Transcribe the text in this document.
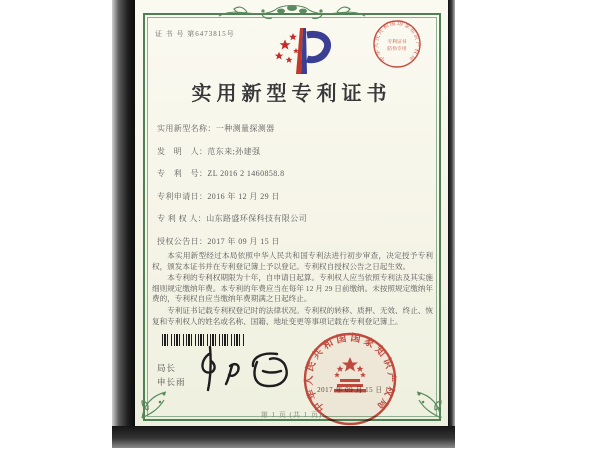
证 书 号 第6473815号
中华人民共和国国家知识产权局
专利证书
防伪专用
实用新型专利证书
实用新型名称：一种测量探测器
发　明　人：范东来;孙建强
专　利　号：ZL 2016 2 1460858.8
专利申请日：2016 年 12 月 29 日
专 利 权 人：山东路盛环保科技有限公司
授权公告日：2017 年 09 月 15 日

本实用新型经过本局依照中华人民共和国专利法进行初步审查，决定授予专利权，颁发本证书并在专利登记簿上予以登记。专利权自授权公告之日起生效。

本专利的专利权期限为十年，自申请日起算。专利权人应当依照专利法及其实施细则规定缴纳年费。本专利的年费应当在每年 12 月 29 日前缴纳。未按照规定缴纳年费的，专利权自应当缴纳年费期满之日起终止。

专利证书记载专利权登记时的法律状况。专利权的转移、质押、无效、终止、恢复和专利权人的姓名或名称、国籍、地址变更等事项记载在专利登记簿上。

局长
申长雨
中华人民共和国国家知识产权局
第 1 页 (共 1 页)
